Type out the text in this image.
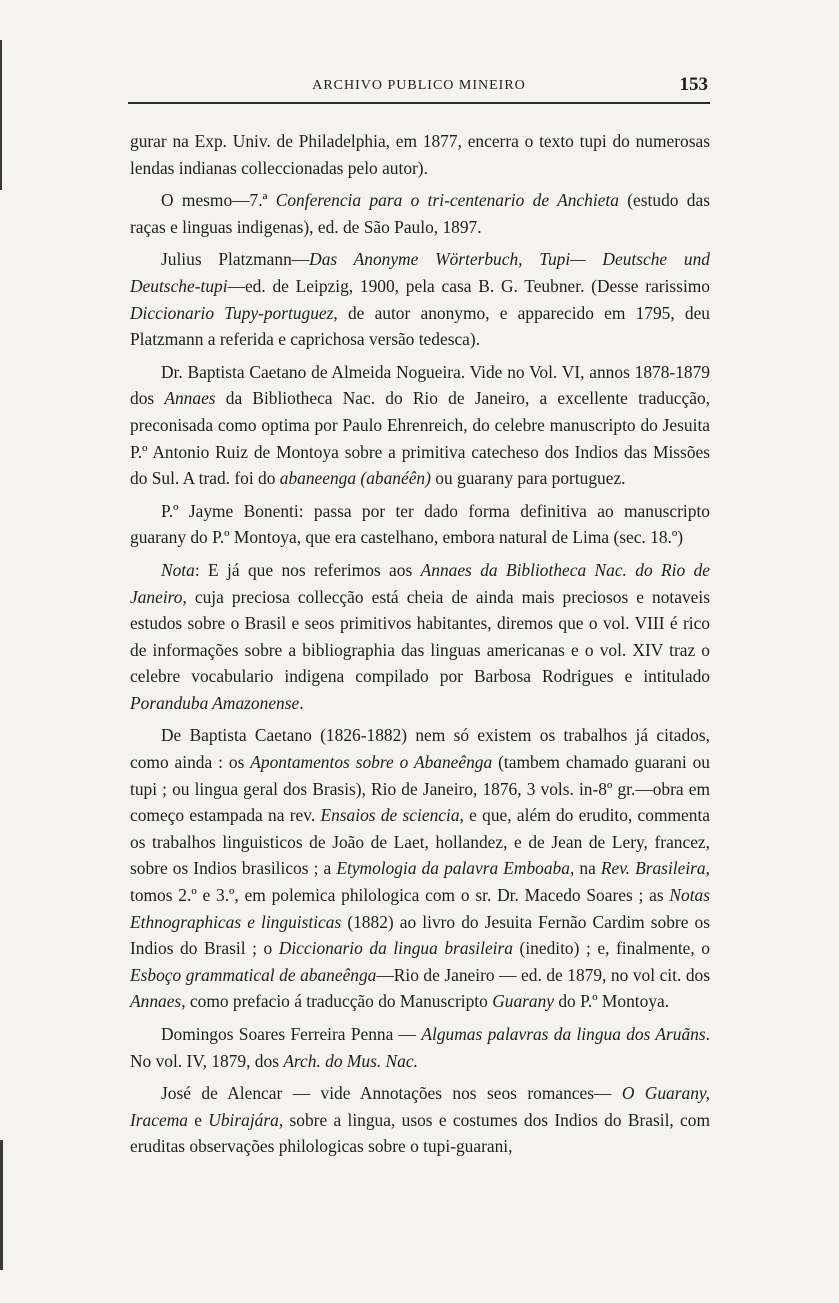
ARCHIVO PUBLICO MINEIRO	153

gurar na Exp. Univ. de Philadelphia, em 1877, encerra o texto tupi do numerosas lendas indianas colleccionadas pelo autor).

O mesmo—7.ª Conferencia para o tri-centenario de Anchieta (estudo das raças e linguas indigenas), ed. de São Paulo, 1897.

Julius Platzmann—Das Anonyme Wörterbuch, Tupi— Deutsche und Deutsche-tupi—ed. de Leipzig, 1900, pela casa B. G. Teubner. (Desse rarissimo Diccionario Tupy-portuguez, de autor anonymo, e apparecido em 1795, deu Platzmann a referida e caprichosa versão tedesca).

Dr. Baptista Caetano de Almeida Nogueira. Vide no Vol. VI, annos 1878-1879 dos Annaes da Bibliotheca Nac. do Rio de Janeiro, a excellente traducção, preconisada como optima por Paulo Ehrenreich, do celebre manuscripto do Jesuita P.º Antonio Ruiz de Montoya sobre a primitiva catecheso dos Indios das Missões do Sul. A trad. foi do abaneenga (abanéên) ou guarany para portuguez.

P.º Jayme Bonenti: passa por ter dado forma definitiva ao manuscripto guarany do P.º Montoya, que era castelhano, embora natural de Lima (sec. 18.º)

Nota: E já que nos referimos aos Annaes da Bibliotheca Nac. do Rio de Janeiro, cuja preciosa collecção está cheia de ainda mais preciosos e notaveis estudos sobre o Brasil e seos primitivos habitantes, diremos que o vol. VIII é rico de informações sobre a bibliographia das linguas americanas e o vol. XIV traz o celebre vocabulario indigena compilado por Barbosa Rodrigues e intitulado Poranduba Amazonense.

De Baptista Caetano (1826-1882) nem só existem os trabalhos já citados, como ainda : os Apontamentos sobre o Abaneênga (tambem chamado guarani ou tupi ; ou lingua geral dos Brasis), Rio de Janeiro, 1876, 3 vols. in-8º gr.—obra em começo estampada na rev. Ensaios de sciencia, e que, além do erudito, commenta os trabalhos linguisticos de João de Laet, hollandez, e de Jean de Lery, francez, sobre os Indios brasilicos ; a Etymologia da palavra Emboaba, na Rev. Brasileira, tomos 2.º e 3.º, em polemica philologica com o sr. Dr. Macedo Soares ; as Notas Ethnographicas e linguisticas (1882) ao livro do Jesuita Fernão Cardim sobre os Indios do Brasil ; o Diccionario da lingua brasileira (inedito) ; e, finalmente, o Esboço grammatical de abaneênga—Rio de Janeiro — ed. de 1879, no vol cit. dos Annaes, como prefacio á traducção do Manuscripto Guarany do P.º Montoya.

Domingos Soares Ferreira Penna — Algumas palavras da lingua dos Aruãns. No vol. IV, 1879, dos Arch. do Mus. Nac.

José de Alencar — vide Annotações nos seos romances— O Guarany, Iracema e Ubirajára, sobre a lingua, usos e costumes dos Indios do Brasil, com eruditas observações philologicas sobre o tupi-guarani,
